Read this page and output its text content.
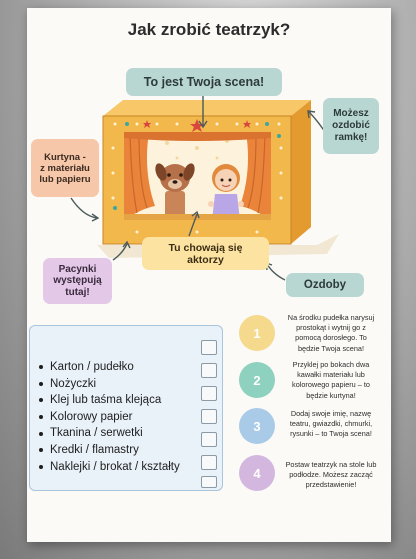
Jak zrobić teatrzyk?
To jest Twoja scena!
Możesz
ozdobić
ramkę!
Kurtyna -
z materiału
lub papieru
Tu chowają się
aktorzy
Pacynki
występują
tutaj!
Ozdoby
Karton / pudełko
Nożyczki
Klej lub taśma klejąca
Kolorowy papier
Tkanina / serwetki
Kredki / flamastry
Naklejki / brokat / kształty
1
Na środku pudełka narysuj
prostokąt i wytnij go z
pomocą dorosłego. To
będzie Twoja scena!
2
Przyklej po bokach dwa
kawałki materiału lub
kolorowego papieru – to
będzie kurtyna!
3
Dodaj swoje imię, nazwę
teatru, gwiazdki, chmurki,
rysunki – to Twoja scena!
4
Postaw teatrzyk na stole lub
podłodze. Możesz zacząć
przedstawienie!
